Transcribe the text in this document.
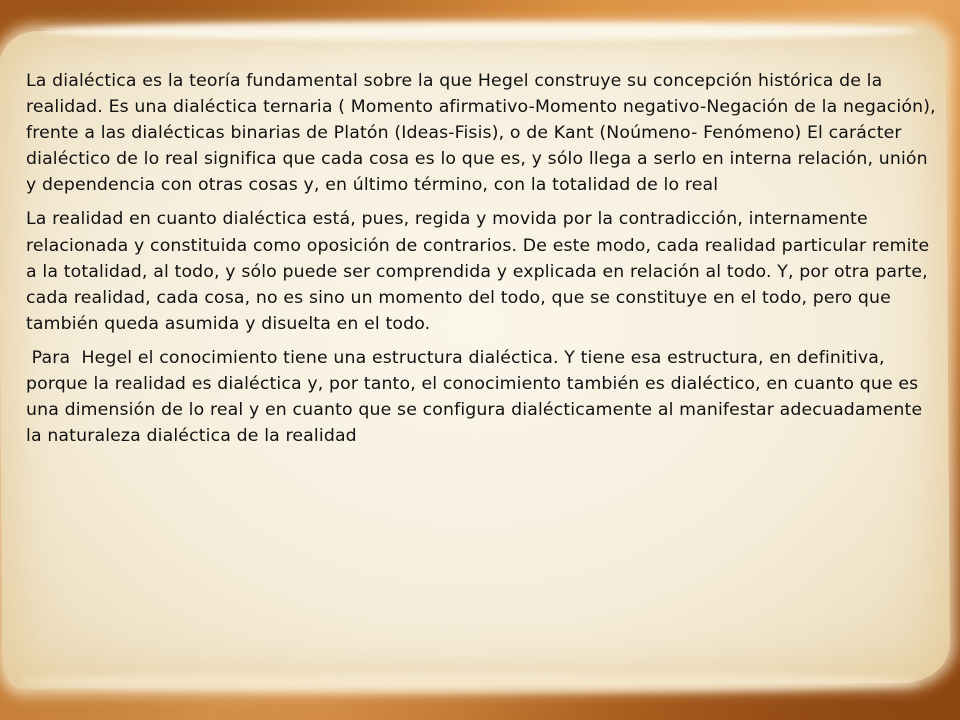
La dialéctica es la teoría fundamental sobre la que Hegel construye su concepción histórica de la realidad. Es una dialéctica ternaria ( Momento afirmativo-Momento negativo-Negación de la negación), frente a las dialécticas binarias de Platón (Ideas-Fisis), o de Kant (Noúmeno- Fenómeno) El carácter dialéctico de lo real significa que cada cosa es lo que es, y sólo llega a serlo en interna relación, unión y dependencia con otras cosas y, en último término, con la totalidad de lo real

La realidad en cuanto dialéctica está, pues, regida y movida por la contradicción, internamente relacionada y constituida como oposición de contrarios. De este modo, cada realidad particular remite a la totalidad, al todo, y sólo puede ser comprendida y explicada en relación al todo. Y, por otra parte, cada realidad, cada cosa, no es sino un momento del todo, que se constituye en el todo, pero que también queda asumida y disuelta en el todo.

Para  Hegel el conocimiento tiene una estructura dialéctica. Y tiene esa estructura, en definitiva, porque la realidad es dialéctica y, por tanto, el conocimiento también es dialéctico, en cuanto que es una dimensión de lo real y en cuanto que se configura dialécticamente al manifestar adecuadamente la naturaleza dialéctica de la realidad
